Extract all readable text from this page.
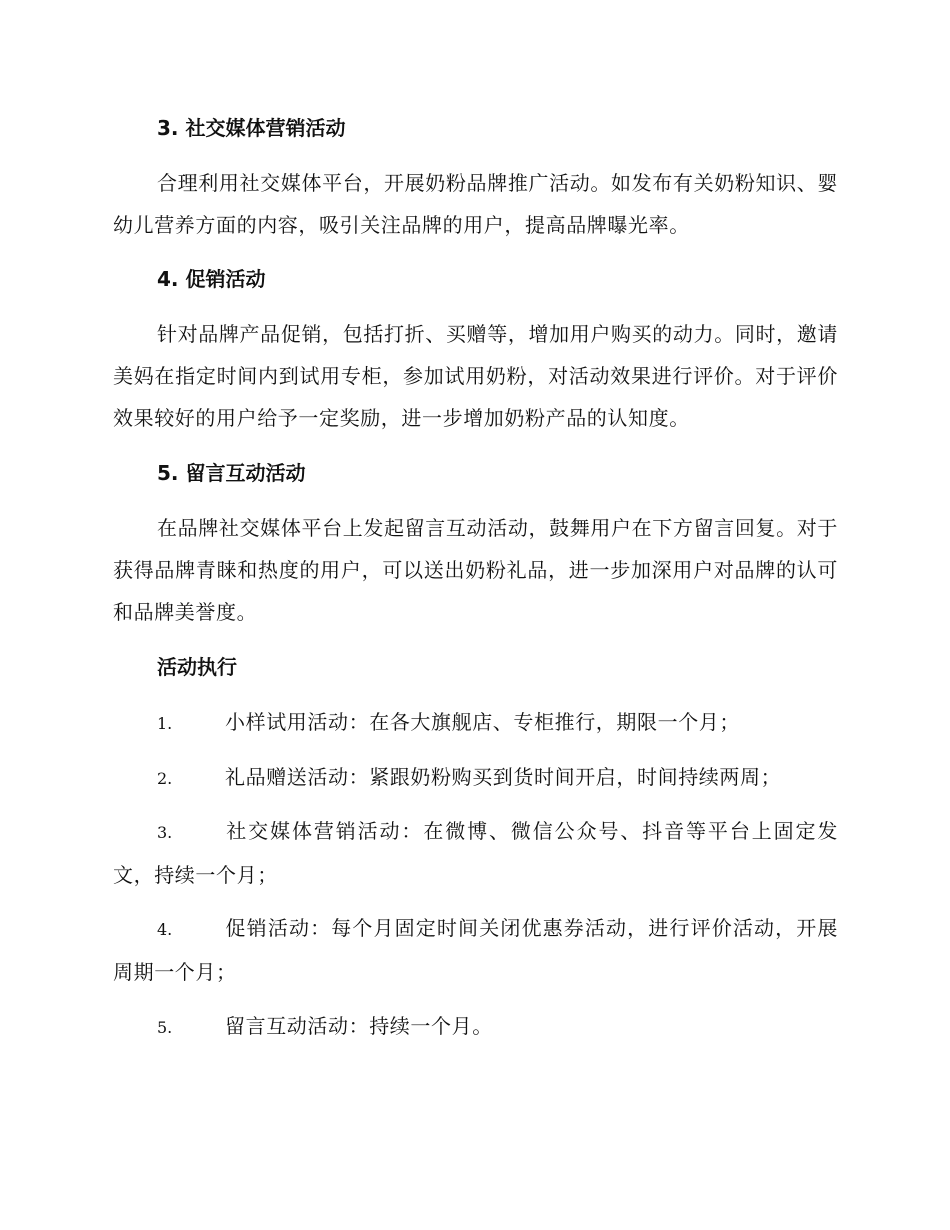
3. 社交媒体营销活动
合理利用社交媒体平台，开展奶粉品牌推广活动。如发布有关奶粉知识、婴幼儿营养方面的内容，吸引关注品牌的用户，提高品牌曝光率。
4. 促销活动
针对品牌产品促销，包括打折、买赠等，增加用户购买的动力。同时，邀请美妈在指定时间内到试用专柜，参加试用奶粉，对活动效果进行评价。对于评价效果较好的用户给予一定奖励，进一步增加奶粉产品的认知度。
5. 留言互动活动
在品牌社交媒体平台上发起留言互动活动，鼓舞用户在下方留言回复。对于获得品牌青睐和热度的用户，可以送出奶粉礼品，进一步加深用户对品牌的认可和品牌美誉度。
活动执行
1.	小样试用活动：在各大旗舰店、专柜推行，期限一个月；
2.	礼品赠送活动：紧跟奶粉购买到货时间开启，时间持续两周；
3.	社交媒体营销活动：在微博、微信公众号、抖音等平台上固定发文，持续一个月；
4.	促销活动：每个月固定时间关闭优惠券活动，进行评价活动，开展周期一个月；
5.	留言互动活动：持续一个月。
